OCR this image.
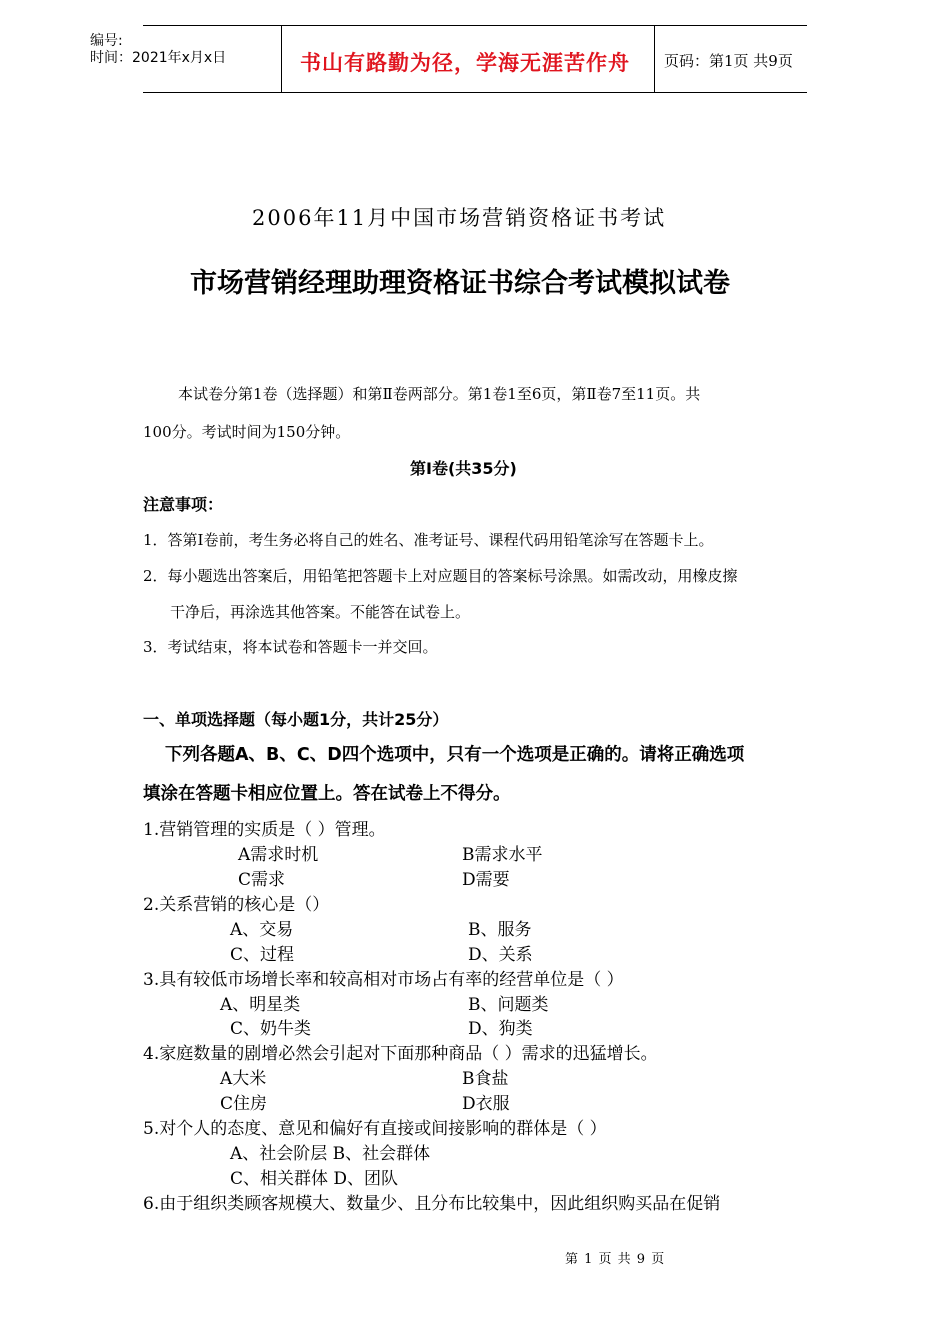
编号:
时间：2021年x月x日	书山有路勤为径，学海无涯苦作舟 页码：第1页 共9页
2006年11月中国市场营销资格证书考试
市场营销经理助理资格证书综合考试模拟试卷
本试卷分第1卷（选择题）和第Ⅱ卷两部分。第1卷1至6页，第Ⅱ卷7至11页。共
100分。考试时间为150分钟。
第Ⅰ卷(共35分)
注意事项：
1．答第Ⅰ卷前，考生务必将自己的姓名、准考证号、课程代码用铅笔涂写在答题卡上。
2．每小题选出答案后，用铅笔把答题卡上对应题目的答案标号涂黑。如需改动，用橡皮擦
干净后，再涂选其他答案。不能答在试卷上。
3．考试结束，将本试卷和答题卡一并交回。
一、单项选择题（每小题1分，共计25分）
下列各题A、B、C、D四个选项中，只有一个选项是正确的。请将正确选项
填涂在答题卡相应位置上。答在试卷上不得分。
1.营销管理的实质是（ ）管理。
A需求时机	B需求水平
C需求	D需要
2.关系营销的核心是（）
A、交易	B、服务
C、过程	D、关系
3.具有较低市场增长率和较高相对市场占有率的经营单位是（ ）
A、明星类	B、问题类
C、奶牛类	D、狗类
4.家庭数量的剧增必然会引起对下面那种商品（ ）需求的迅猛增长。
A大米	B食盐
C住房	D衣服
5.对个人的态度、意见和偏好有直接或间接影响的群体是（ ）
A、社会阶层 B、社会群体
C、相关群体 D、团队
6.由于组织类顾客规模大、数量少、且分布比较集中，因此组织购买品在促销
第 1 页 共 9 页
